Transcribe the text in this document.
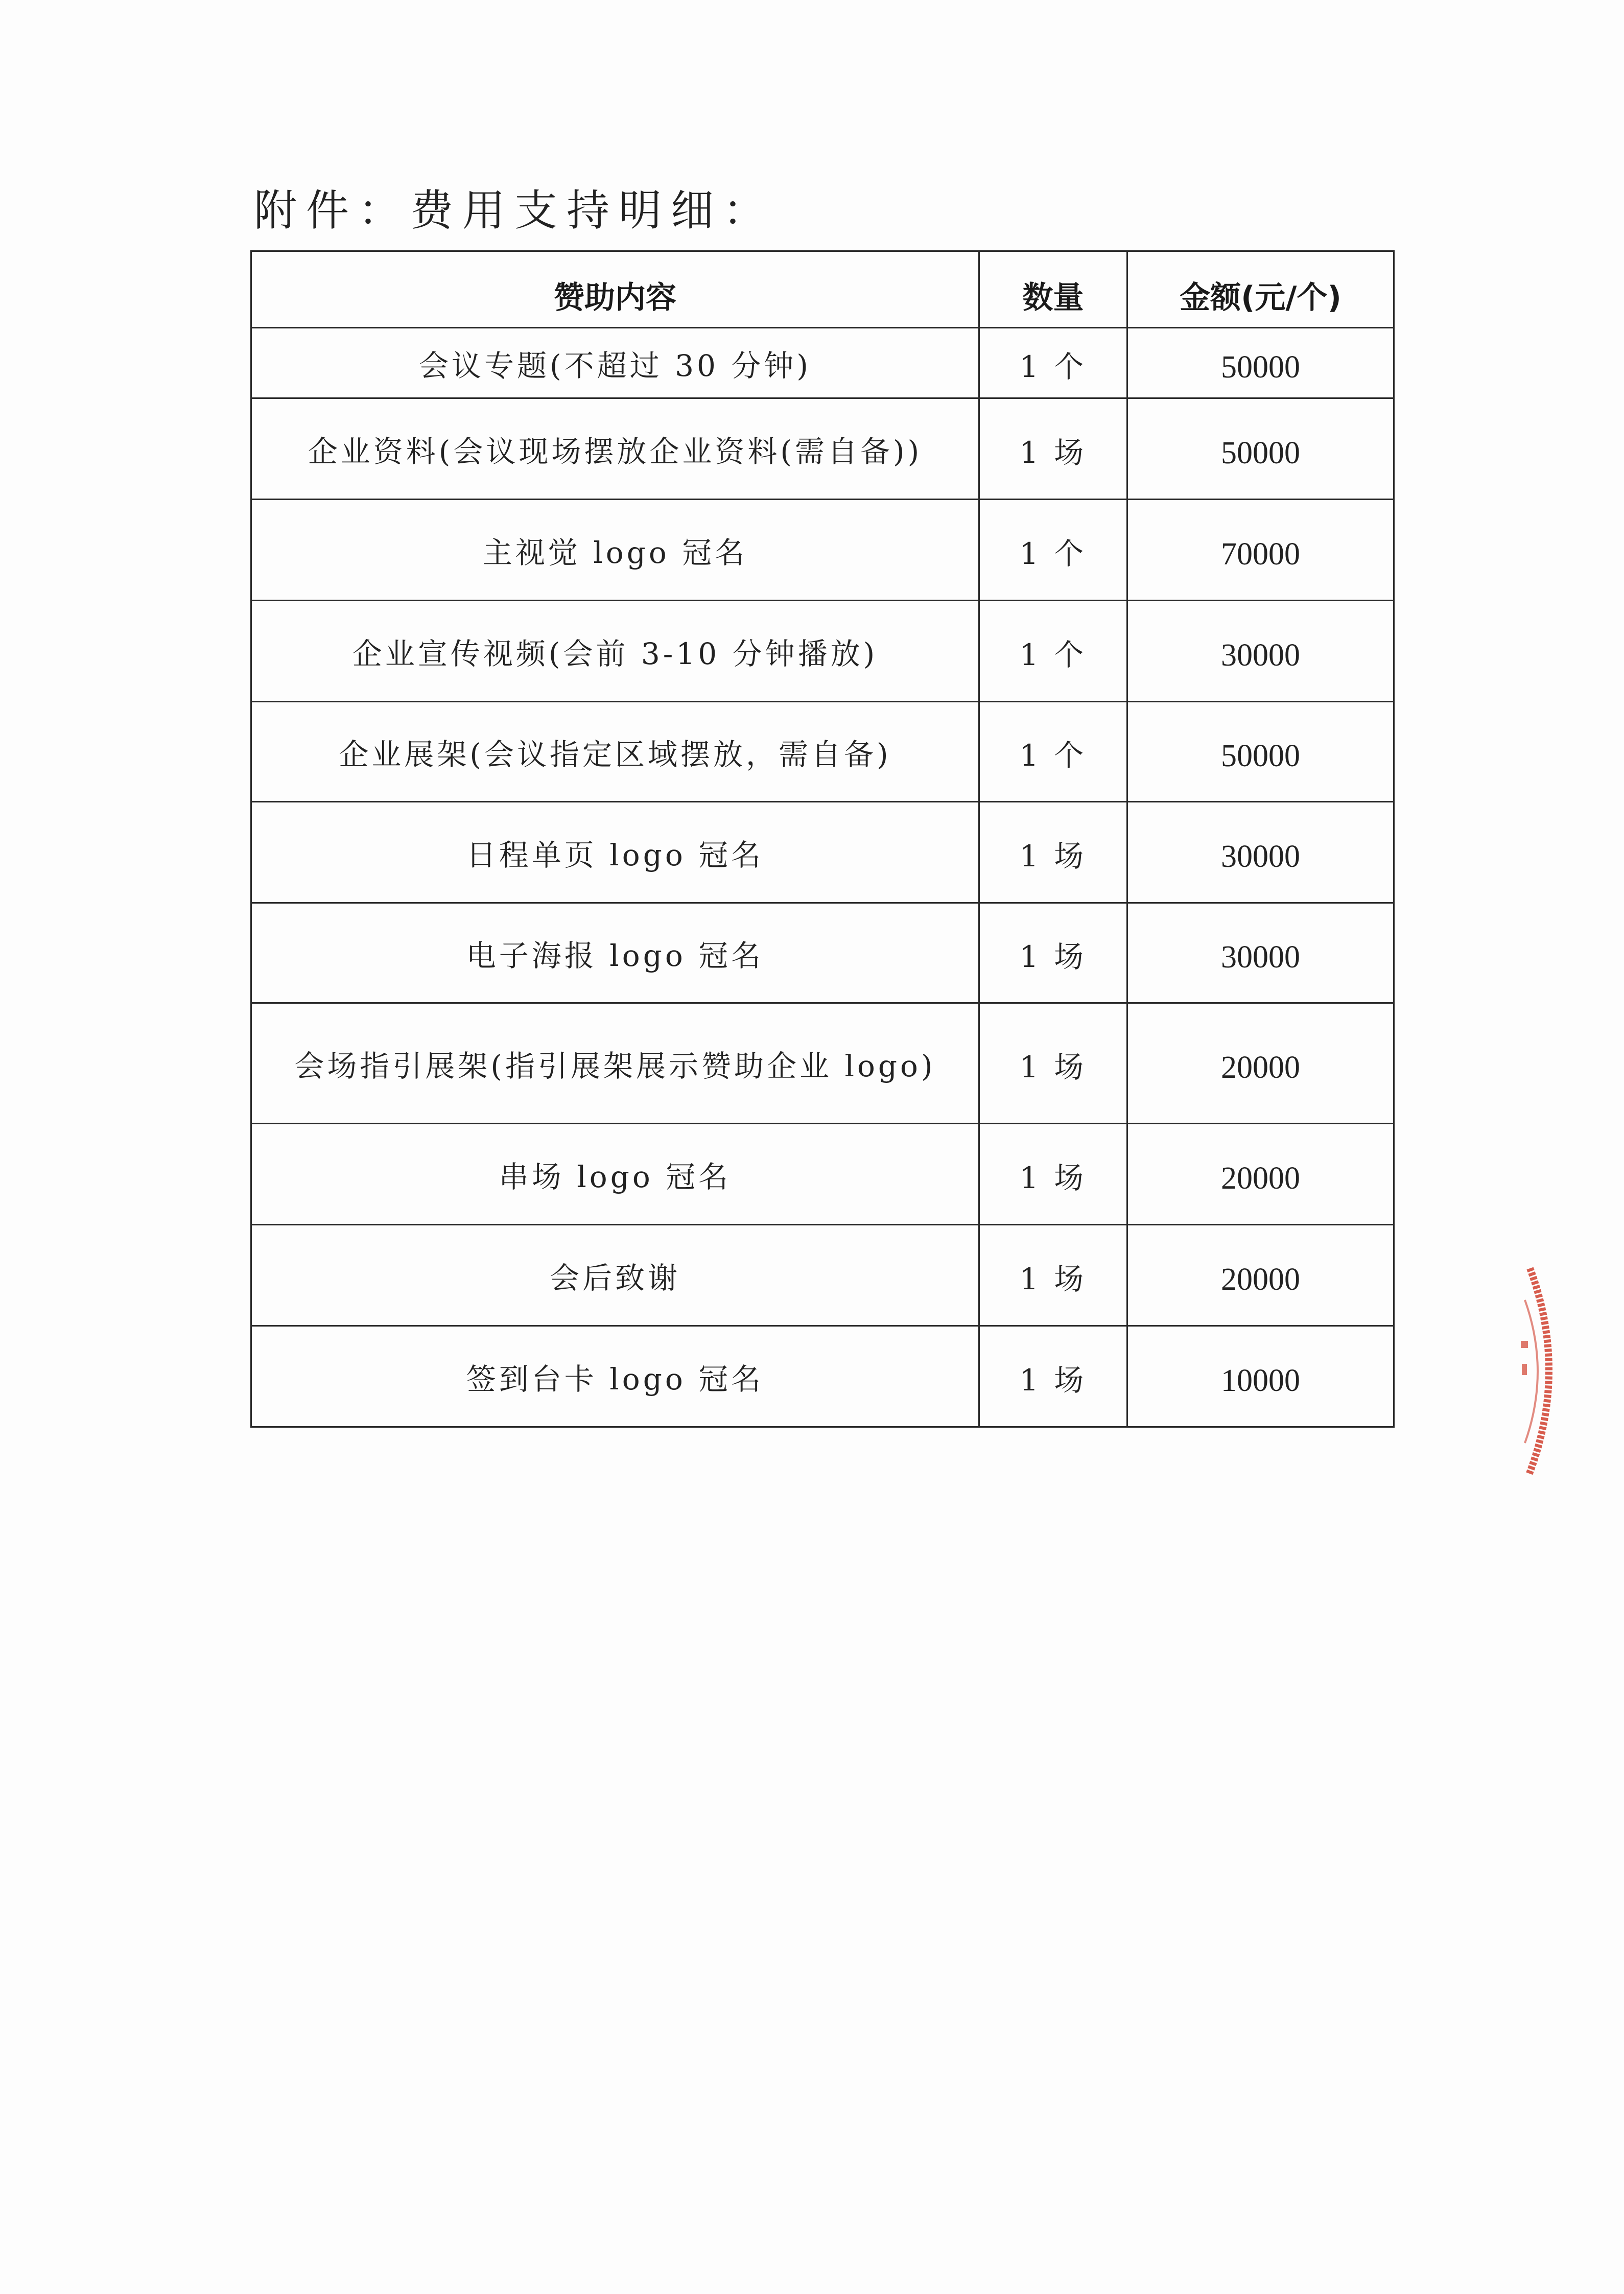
附件：费用支持明细：
赞助内容	数量	金额(元/个)
会议专题(不超过 30 分钟)	1 个	50000
企业资料(会议现场摆放企业资料(需自备))	1 场	50000
主视觉 logo 冠名	1 个	70000
企业宣传视频(会前 3-10 分钟播放)	1 个	30000
企业展架(会议指定区域摆放，需自备)	1 个	50000
日程单页 logo 冠名	1 场	30000
电子海报 logo 冠名	1 场	30000
会场指引展架(指引展架展示赞助企业 logo)	1 场	20000
串场 logo 冠名	1 场	20000
会后致谢	1 场	20000
签到台卡 logo 冠名	1 场	10000
